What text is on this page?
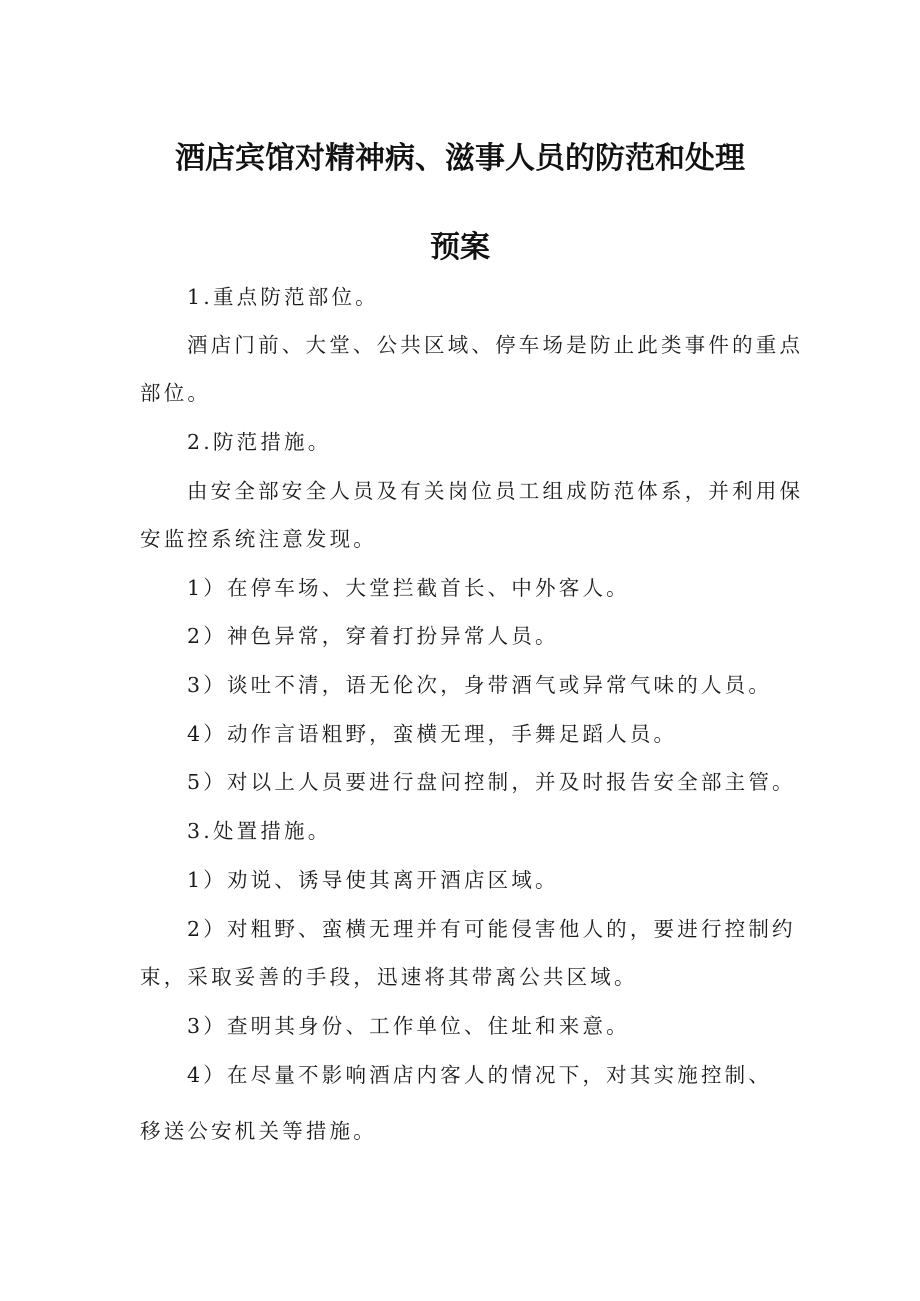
酒店宾馆对精神病、滋事人员的防范和处理
预案
1.重点防范部位。
酒店门前、大堂、公共区域、停车场是防止此类事件的重点
部位。
2.防范措施。
由安全部安全人员及有关岗位员工组成防范体系，并利用保
安监控系统注意发现。
1）在停车场、大堂拦截首长、中外客人。
2）神色异常，穿着打扮异常人员。
3）谈吐不清，语无伦次，身带酒气或异常气味的人员。
4）动作言语粗野，蛮横无理，手舞足蹈人员。
5）对以上人员要进行盘问控制，并及时报告安全部主管。
3.处置措施。
1）劝说、诱导使其离开酒店区域。
2）对粗野、蛮横无理并有可能侵害他人的，要进行控制约
束，采取妥善的手段，迅速将其带离公共区域。
3）查明其身份、工作单位、住址和来意。
4）在尽量不影响酒店内客人的情况下，对其实施控制、
移送公安机关等措施。
